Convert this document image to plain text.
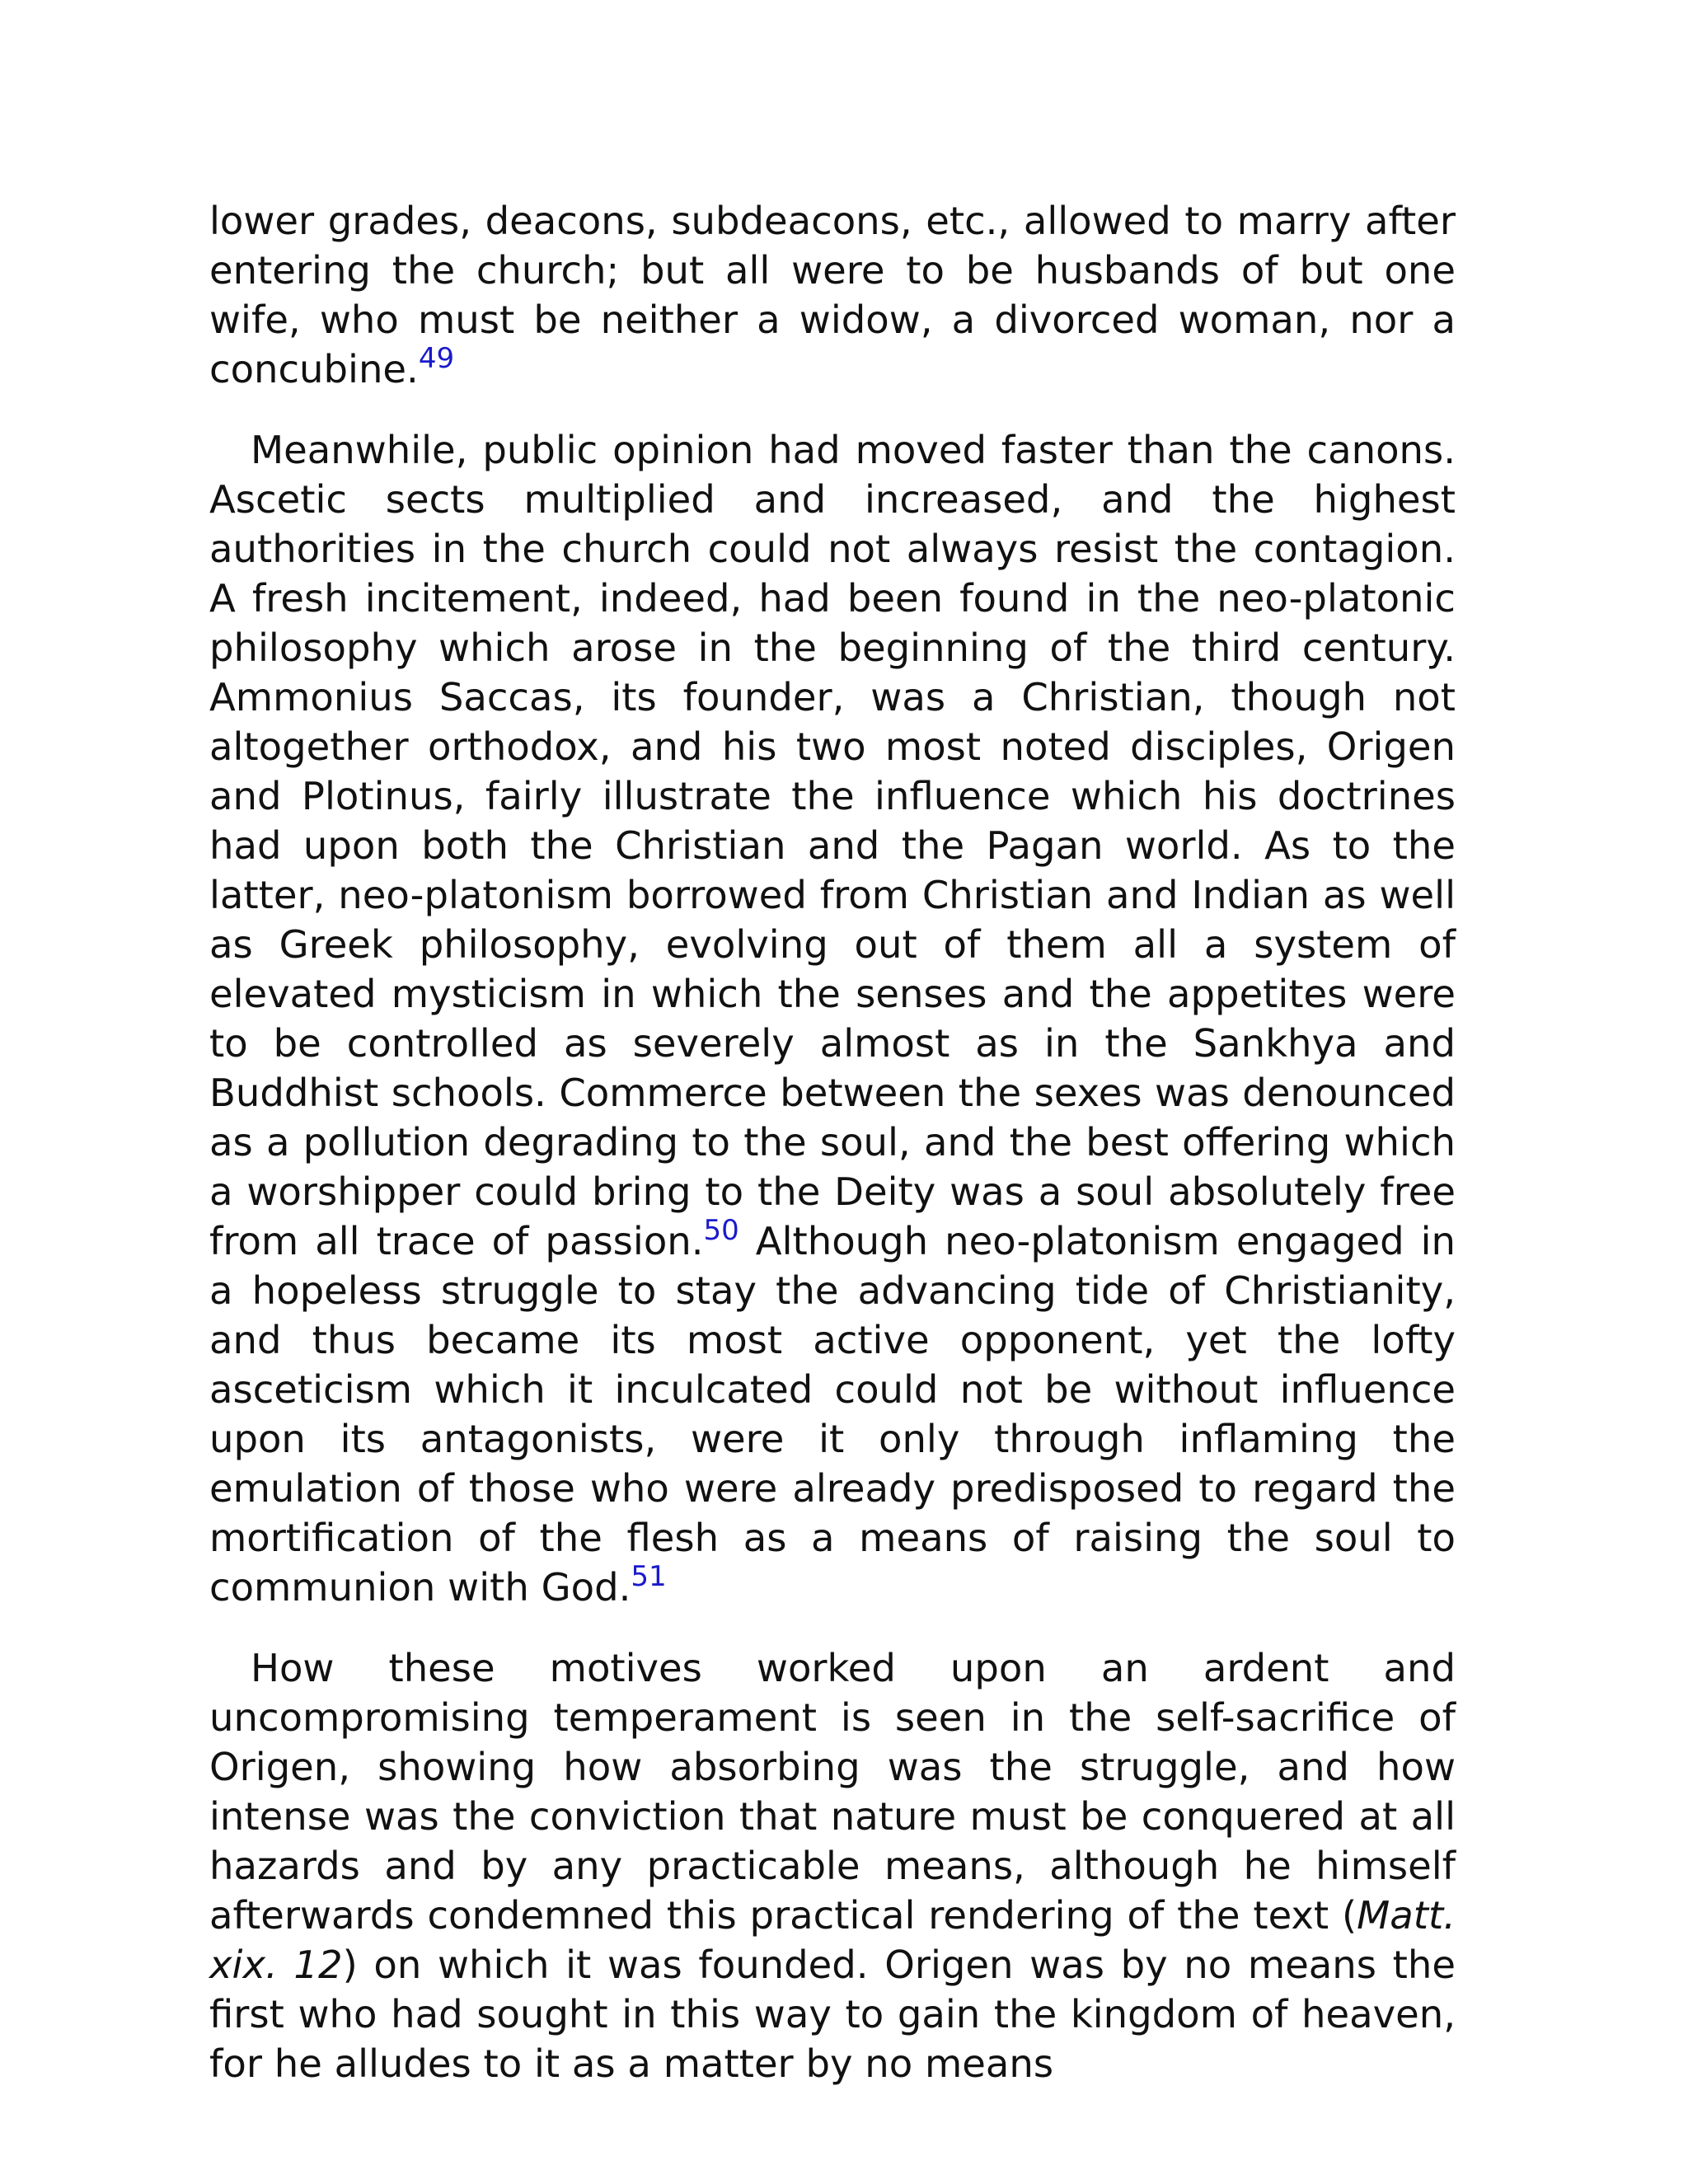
lower grades, deacons, subdeacons, etc., allowed to marry after entering the church; but all were to be husbands of but one wife, who must be neither a widow, a divorced woman, nor a concubine.$^{49}$

Meanwhile, public opinion had moved faster than the canons. Ascetic sects multiplied and increased, and the highest authorities in the church could not always resist the contagion. A fresh incitement, indeed, had been found in the neo-platonic philosophy which arose in the beginning of the third century. Ammonius Saccas, its founder, was a Christian, though not altogether orthodox, and his two most noted disciples, Origen and Plotinus, fairly illustrate the influence which his doctrines had upon both the Christian and the Pagan world. As to the latter, neo-platonism borrowed from Christian and Indian as well as Greek philosophy, evolving out of them all a system of elevated mysticism in which the senses and the appetites were to be controlled as severely almost as in the Sankhya and Buddhist schools. Commerce between the sexes was denounced as a pollution degrading to the soul, and the best offering which a worshipper could bring to the Deity was a soul absolutely free from all trace of passion.$^{50}$ Although neo-platonism engaged in a hopeless struggle to stay the advancing tide of Christianity, and thus became its most active opponent, yet the lofty asceticism which it inculcated could not be without influence upon its antagonists, were it only through inflaming the emulation of those who were already predisposed to regard the mortification of the flesh as a means of raising the soul to communion with God.$^{51}$

How these motives worked upon an ardent and uncompromising temperament is seen in the self-sacrifice of Origen, showing how absorbing was the struggle, and how intense was the conviction that nature must be conquered at all hazards and by any practicable means, although he himself afterwards condemned this practical rendering of the text (Matt. xix. 12) on which it was founded. Origen was by no means the first who had sought in this way to gain the kingdom of heaven, for he alludes to it as a matter by no means
